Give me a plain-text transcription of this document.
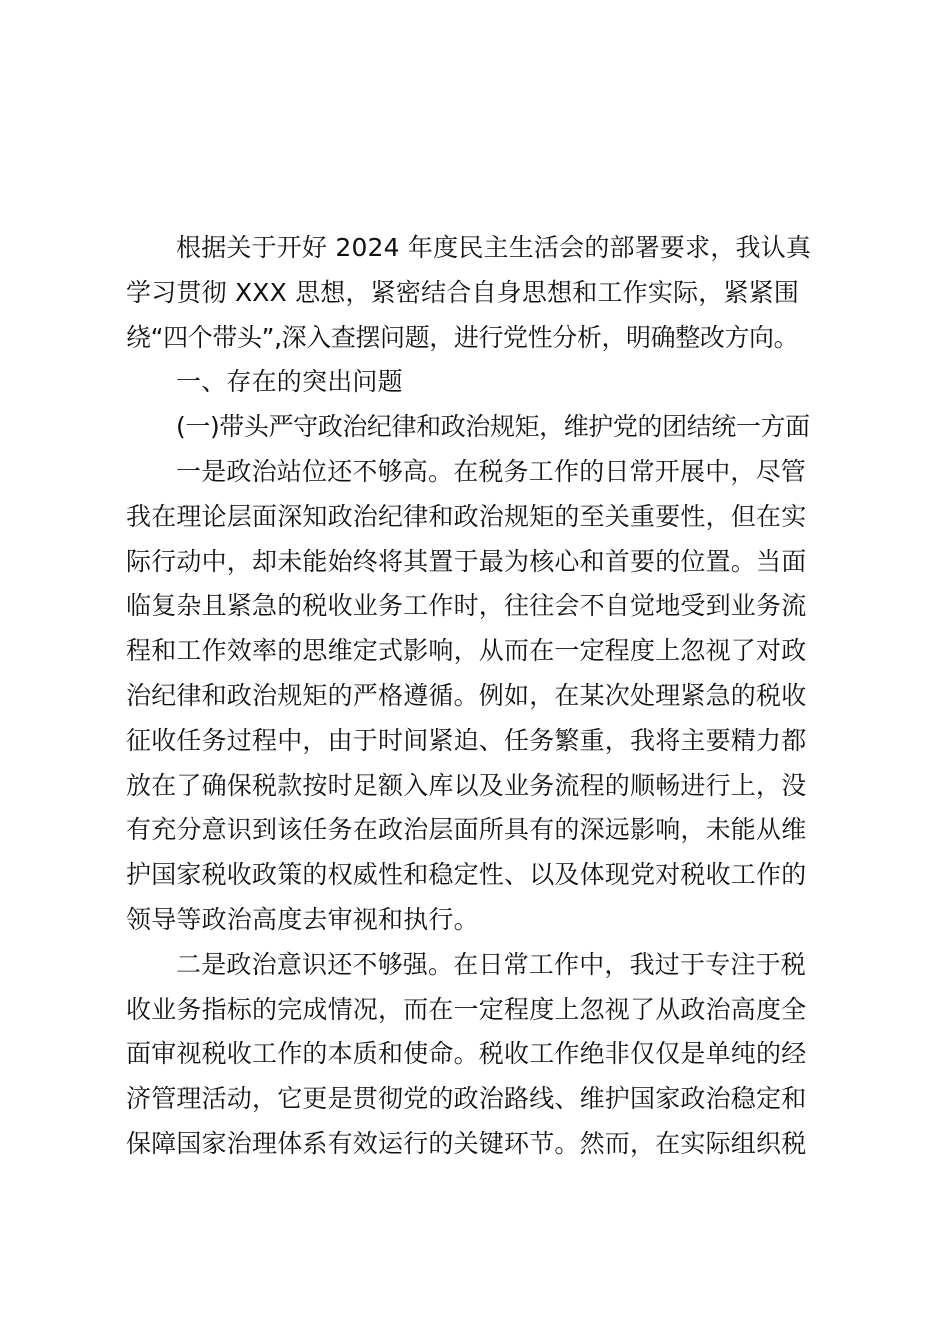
根据关于开好 2024 年度民主生活会的部署要求，我认真
学习贯彻 XXX 思想，紧密结合自身思想和工作实际，紧紧围
绕“四个带头”,深入查摆问题，进行党性分析，明确整改方向。
一、存在的突出问题
(一)带头严守政治纪律和政治规矩，维护党的团结统一方面
一是政治站位还不够高。在税务工作的日常开展中，尽管
我在理论层面深知政治纪律和政治规矩的至关重要性，但在实
际行动中，却未能始终将其置于最为核心和首要的位置。当面
临复杂且紧急的税收业务工作时，往往会不自觉地受到业务流
程和工作效率的思维定式影响，从而在一定程度上忽视了对政
治纪律和政治规矩的严格遵循。例如，在某次处理紧急的税收
征收任务过程中，由于时间紧迫、任务繁重，我将主要精力都
放在了确保税款按时足额入库以及业务流程的顺畅进行上，没
有充分意识到该任务在政治层面所具有的深远影响，未能从维
护国家税收政策的权威性和稳定性、以及体现党对税收工作的
领导等政治高度去审视和执行。
二是政治意识还不够强。在日常工作中，我过于专注于税
收业务指标的完成情况，而在一定程度上忽视了从政治高度全
面审视税收工作的本质和使命。税收工作绝非仅仅是单纯的经
济管理活动，它更是贯彻党的政治路线、维护国家政治稳定和
保障国家治理体系有效运行的关键环节。然而，在实际组织税
